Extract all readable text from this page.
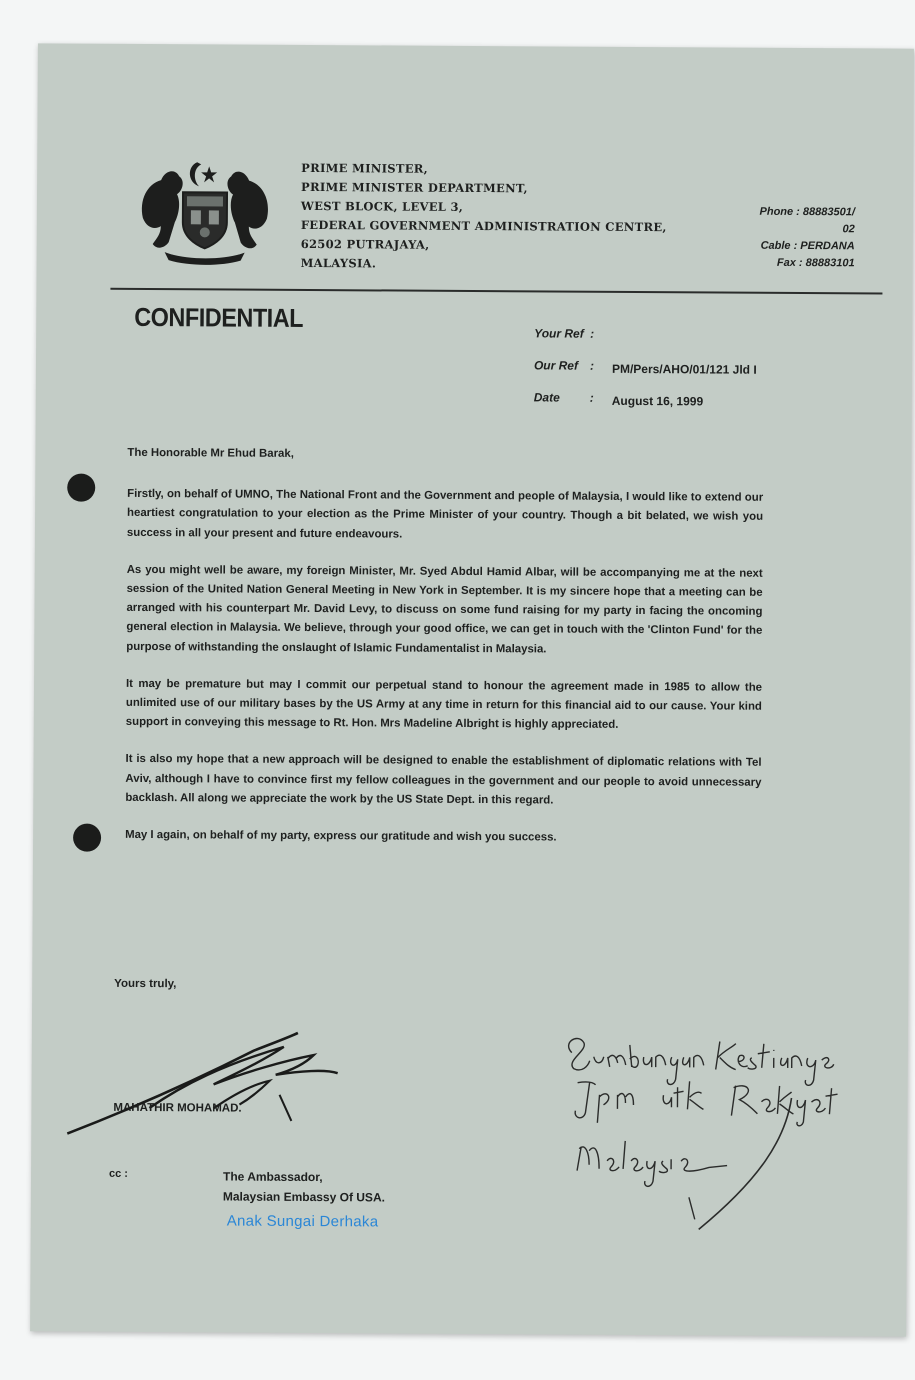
PRIME MINISTER,
PRIME MINISTER DEPARTMENT,
WEST BLOCK, LEVEL 3,
FEDERAL GOVERNMENT ADMINISTRATION CENTRE,
62502 PUTRAJAYA,
MALAYSIA.
Phone : 88883501/
02
Cable : PERDANA
Fax : 88883101
CONFIDENTIAL
Your Ref :
Our Ref : PM/Pers/AHO/01/121 Jld I
Date : August 16, 1999

The Honorable Mr Ehud Barak,

Firstly, on behalf of UMNO, The National Front and the Government and people of Malaysia, I would like to extend our heartiest congratulation to your election as the Prime Minister of your country. Though a bit belated, we wish you success in all your present and future endeavours.

As you might well be aware, my foreign Minister, Mr. Syed Abdul Hamid Albar, will be accompanying me at the next session of the United Nation General Meeting in New York in September. It is my sincere hope that a meeting can be arranged with his counterpart Mr. David Levy, to discuss on some fund raising for my party in facing the oncoming general election in Malaysia. We believe, through your good office, we can get in touch with the 'Clinton Fund' for the purpose of withstanding the onslaught of Islamic Fundamentalist in Malaysia.

It may be premature but may I commit our perpetual stand to honour the agreement made in 1985 to allow the unlimited use of our military bases by the US Army at any time in return for this financial aid to our cause. Your kind support in conveying this message to Rt. Hon. Mrs Madeline Albright is highly appreciated.

It is also my hope that a new approach will be designed to enable the establishment of diplomatic relations with Tel Aviv, although I have to convince first my fellow colleagues in the government and our people to avoid unnecessary backlash. All along we appreciate the work by the US State Dept. in this regard.

May I again, on behalf of my party, express our gratitude and wish you success.

Yours truly,
MAHATHIR MOHAMAD.
cc :	The Ambassador,
Malaysian Embassy Of USA.
Anak Sungai Derhaka
